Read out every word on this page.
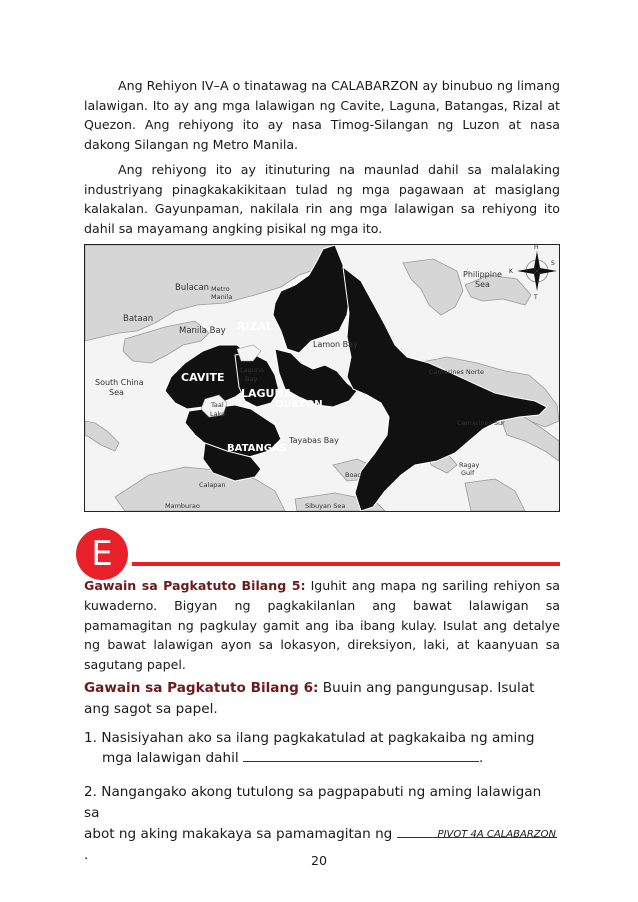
Ang Rehiyon IV–A o tinatawag na CALABARZON ay binubuo ng limang lalawigan. Ito ay ang mga lalawigan ng Cavite, Laguna, Batangas, Rizal at Quezon. Ang rehiyong ito ay nasa Timog-Silangan ng Luzon at nasa dakong Silangan ng Metro Manila.

Ang rehiyong ito ay itinuturing na maunlad dahil sa malalaking industriyang pinagkakakikitaan tulad ng mga pagawaan at masiglang kalakalan. Gayunpaman, nakilala rin ang mga lalawigan sa rehiyong ito dahil sa mayamang angking pisikal ng mga ito.

RIZAL
CAVITE
LAGUNA
QUEZON
BATANGAS
Bulacan Metro
Manila
Bataan
Manila Bay
Lamon Bay
South China
Sea
Laguna
Bay
Taal
Lake
Tayabas Bay
Camarines Norte
Camarines Sur
Ragay
Gulf
Boac
Calapan
Mamburao	Sibuyan Sea
Philippine
Sea
H
T
K
S
E

Gawain sa Pagkatuto Bilang 5: Iguhit ang mapa ng sariling rehiyon sa kuwaderno. Bigyan ng pagkakilanlan ang bawat lalawigan sa pamamagitan ng pagkulay gamit ang iba ibang kulay. Isulat ang detalye ng bawat lalawigan ayon sa lokasyon, direksiyon, laki, at kaanyuan sa sagutang papel.

Gawain sa Pagkatuto Bilang 6: Buuin ang pangungusap. Isulat ang sagot sa papel.

1. Nasisiyahan ako sa ilang pagkakatulad at pagkakaiba ng aming
mga lalawigan dahil	.
2. Nangangako akong tutulong sa pagpapabuti ng aming lalawigan sa
abot ng aking makakaya sa pamamagitan ng .
PIVOT 4A CALABARZON
20
